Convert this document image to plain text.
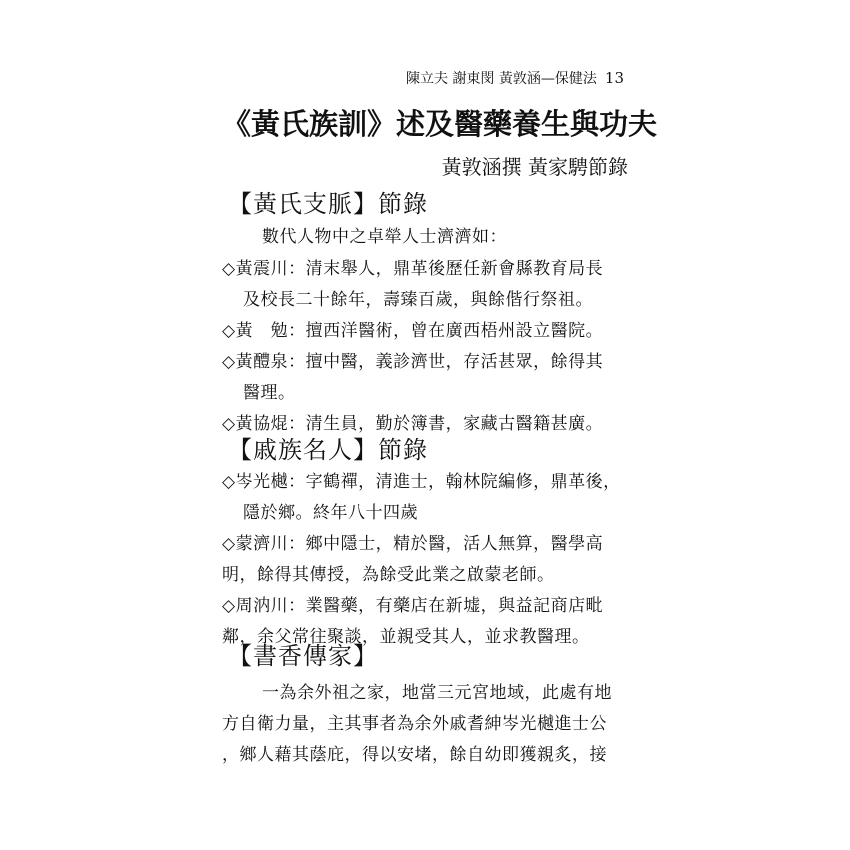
陳立夫 謝東閔 黃敦涵—保健法 13
《黃氏族訓》述及醫藥養生與功夫
黃敦涵撰 黃家騁節錄
【黃氏支脈】節錄
數代人物中之卓犖人士濟濟如：
◇黃震川：清末舉人，鼎革後歷任新會縣教育局長
及校長二十餘年，壽臻百歲，與餘偕行祭祖。
◇黃　勉：擅西洋醫術，曾在廣西梧州設立醫院。
◇黃醴泉：擅中醫，義診濟世，存活甚眾，餘得其
醫理。
◇黃協焜：清生員，勤於簿書，家藏古醫籍甚廣。
【戚族名人】節錄
◇岑光樾：字鶴禪，清進士，翰林院編修，鼎革後，
隱於鄉。終年八十四歲
◇蒙濟川：鄉中隱士，精於醫，活人無算，醫學高
明，餘得其傳授，為餘受此業之啟蒙老師。
◇周汭川：業醫藥，有藥店在新墟，與益記商店毗
鄰，余父常往聚談，並親受其人，並求教醫理。
【書香傳家】
一為余外祖之家，地當三元宮地域，此處有地
方自衛力量，主其事者為余外戚耆紳岑光樾進士公
，鄉人藉其蔭庇，得以安堵，餘自幼即獲親炙，接
